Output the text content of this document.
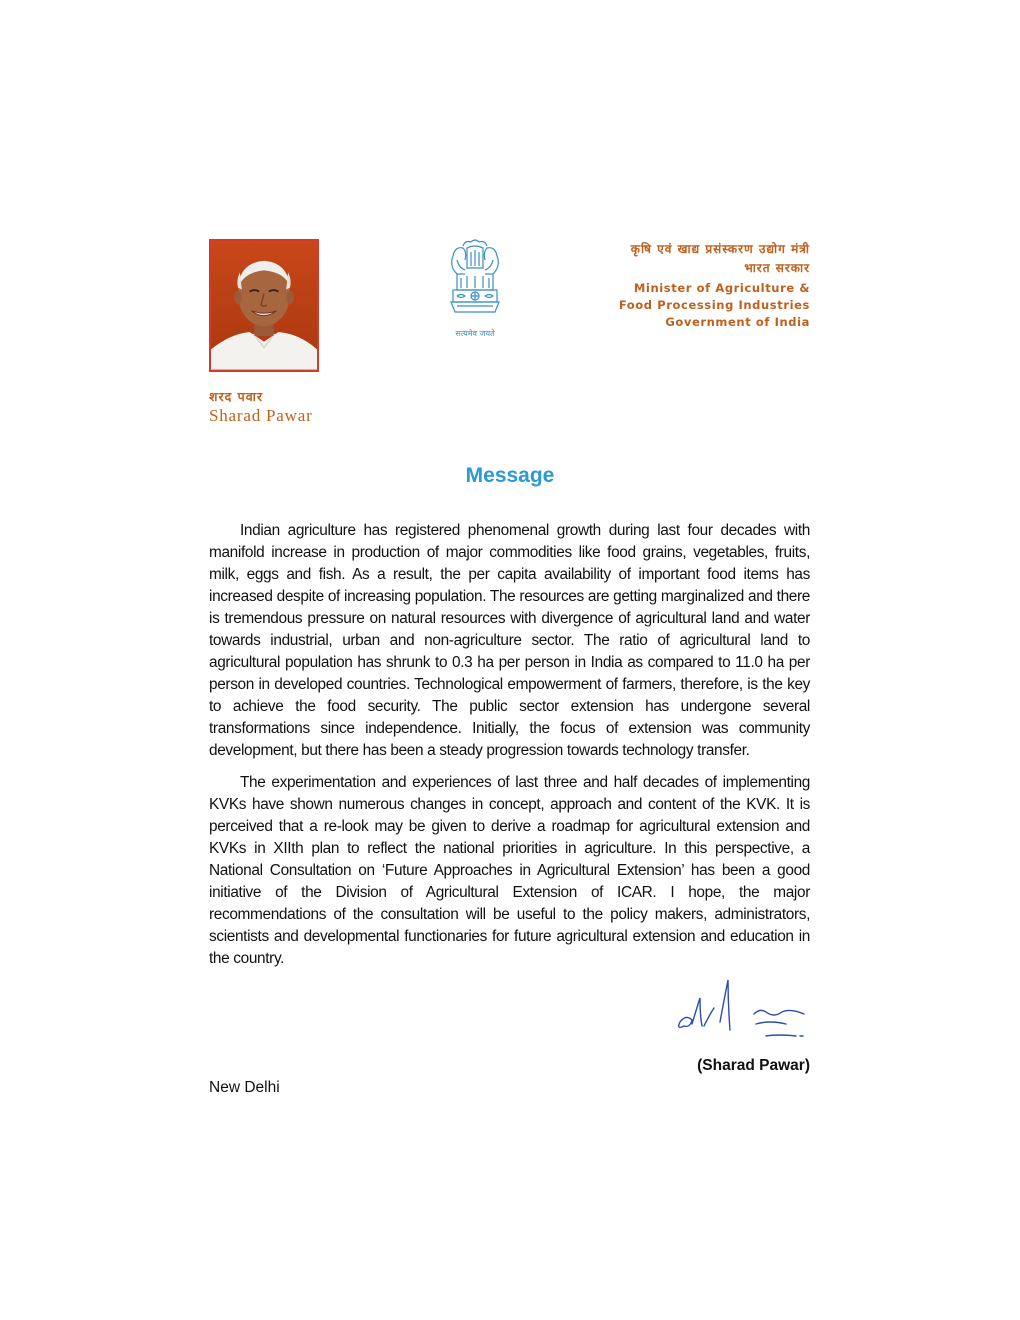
सत्यमेव जयते
कृषि एवं खाद्य प्रसंस्करण उद्योग मंत्री
भारत सरकार
Minister of Agriculture &
Food Processing Industries
Government of India
शरद पवार
Sharad Pawar
Message

Indian agriculture has registered phenomenal growth during last four decades with manifold increase in production of major commodities like food grains, vegetables, fruits, milk, eggs and fish. As a result, the per capita availability of important food items has increased despite of increasing population. The resources are getting marginalized and there is tremendous pressure on natural resources with divergence of agricultural land and water towards industrial, urban and non-agriculture sector. The ratio of agricultural land to agricultural population has shrunk to 0.3 ha per person in India as compared to 11.0 ha per person in developed countries. Technological empowerment of farmers, therefore, is the key to achieve the food security. The public sector extension has undergone several transformations since independence. Initially, the focus of extension was community development, but there has been a steady progression towards technology transfer.

The experimentation and experiences of last three and half decades of implementing KVKs have shown numerous changes in concept, approach and content of the KVK. It is perceived that a re-look may be given to derive a roadmap for agricultural extension and KVKs in XIIth plan to reflect the national priorities in agriculture. In this perspective, a National Consultation on ‘Future Approaches in Agricultural Extension’ has been a good initiative of the Division of Agricultural Extension of ICAR. I hope, the major recommendations of the consultation will be useful to the policy makers, administrators, scientists and developmental functionaries for future agricultural extension and education in the country.

(Sharad Pawar)
New Delhi
